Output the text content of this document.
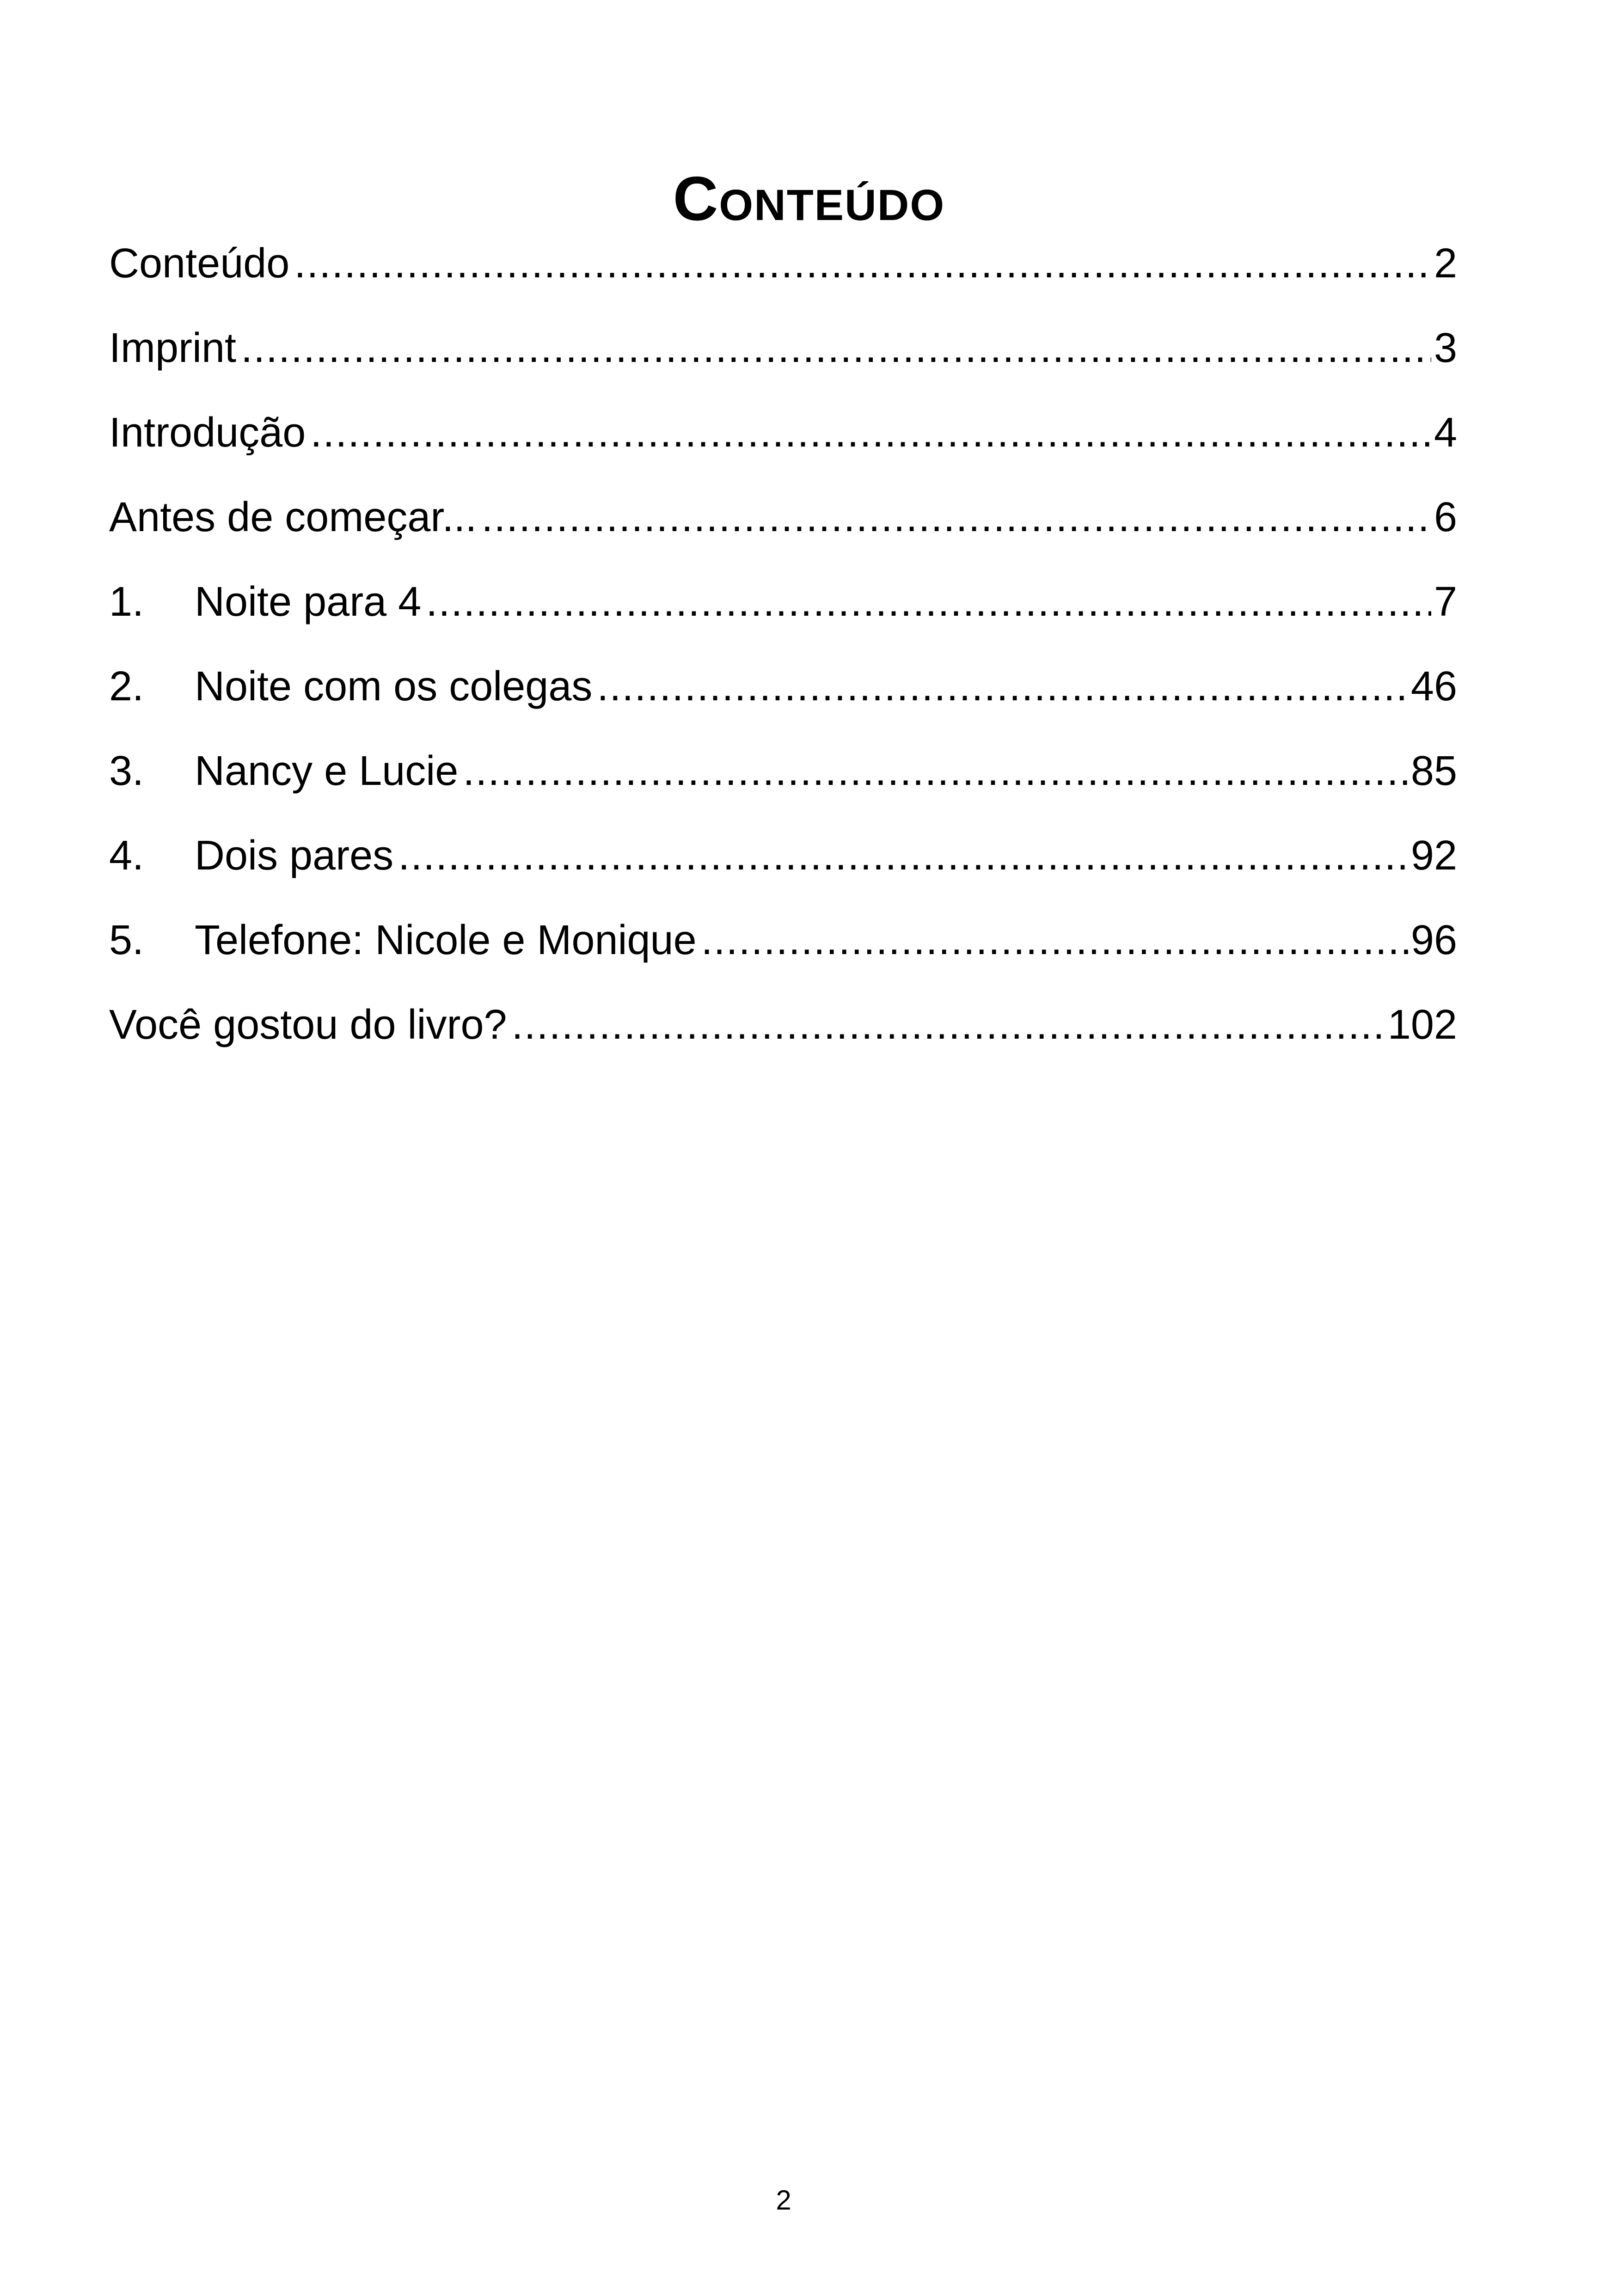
Conteúdo
Conteúdo .....	2
Imprint .....	3
Introdução .....	4
Antes de começar... .....	6
1.	Noite para 4 .....	7
2.	Noite com os colegas .....	46
3.	Nancy e Lucie .....	85
4.	Dois pares .....	92
5.	Telefone: Nicole e Monique .....	96
Você gostou do livro? .....	102
2
